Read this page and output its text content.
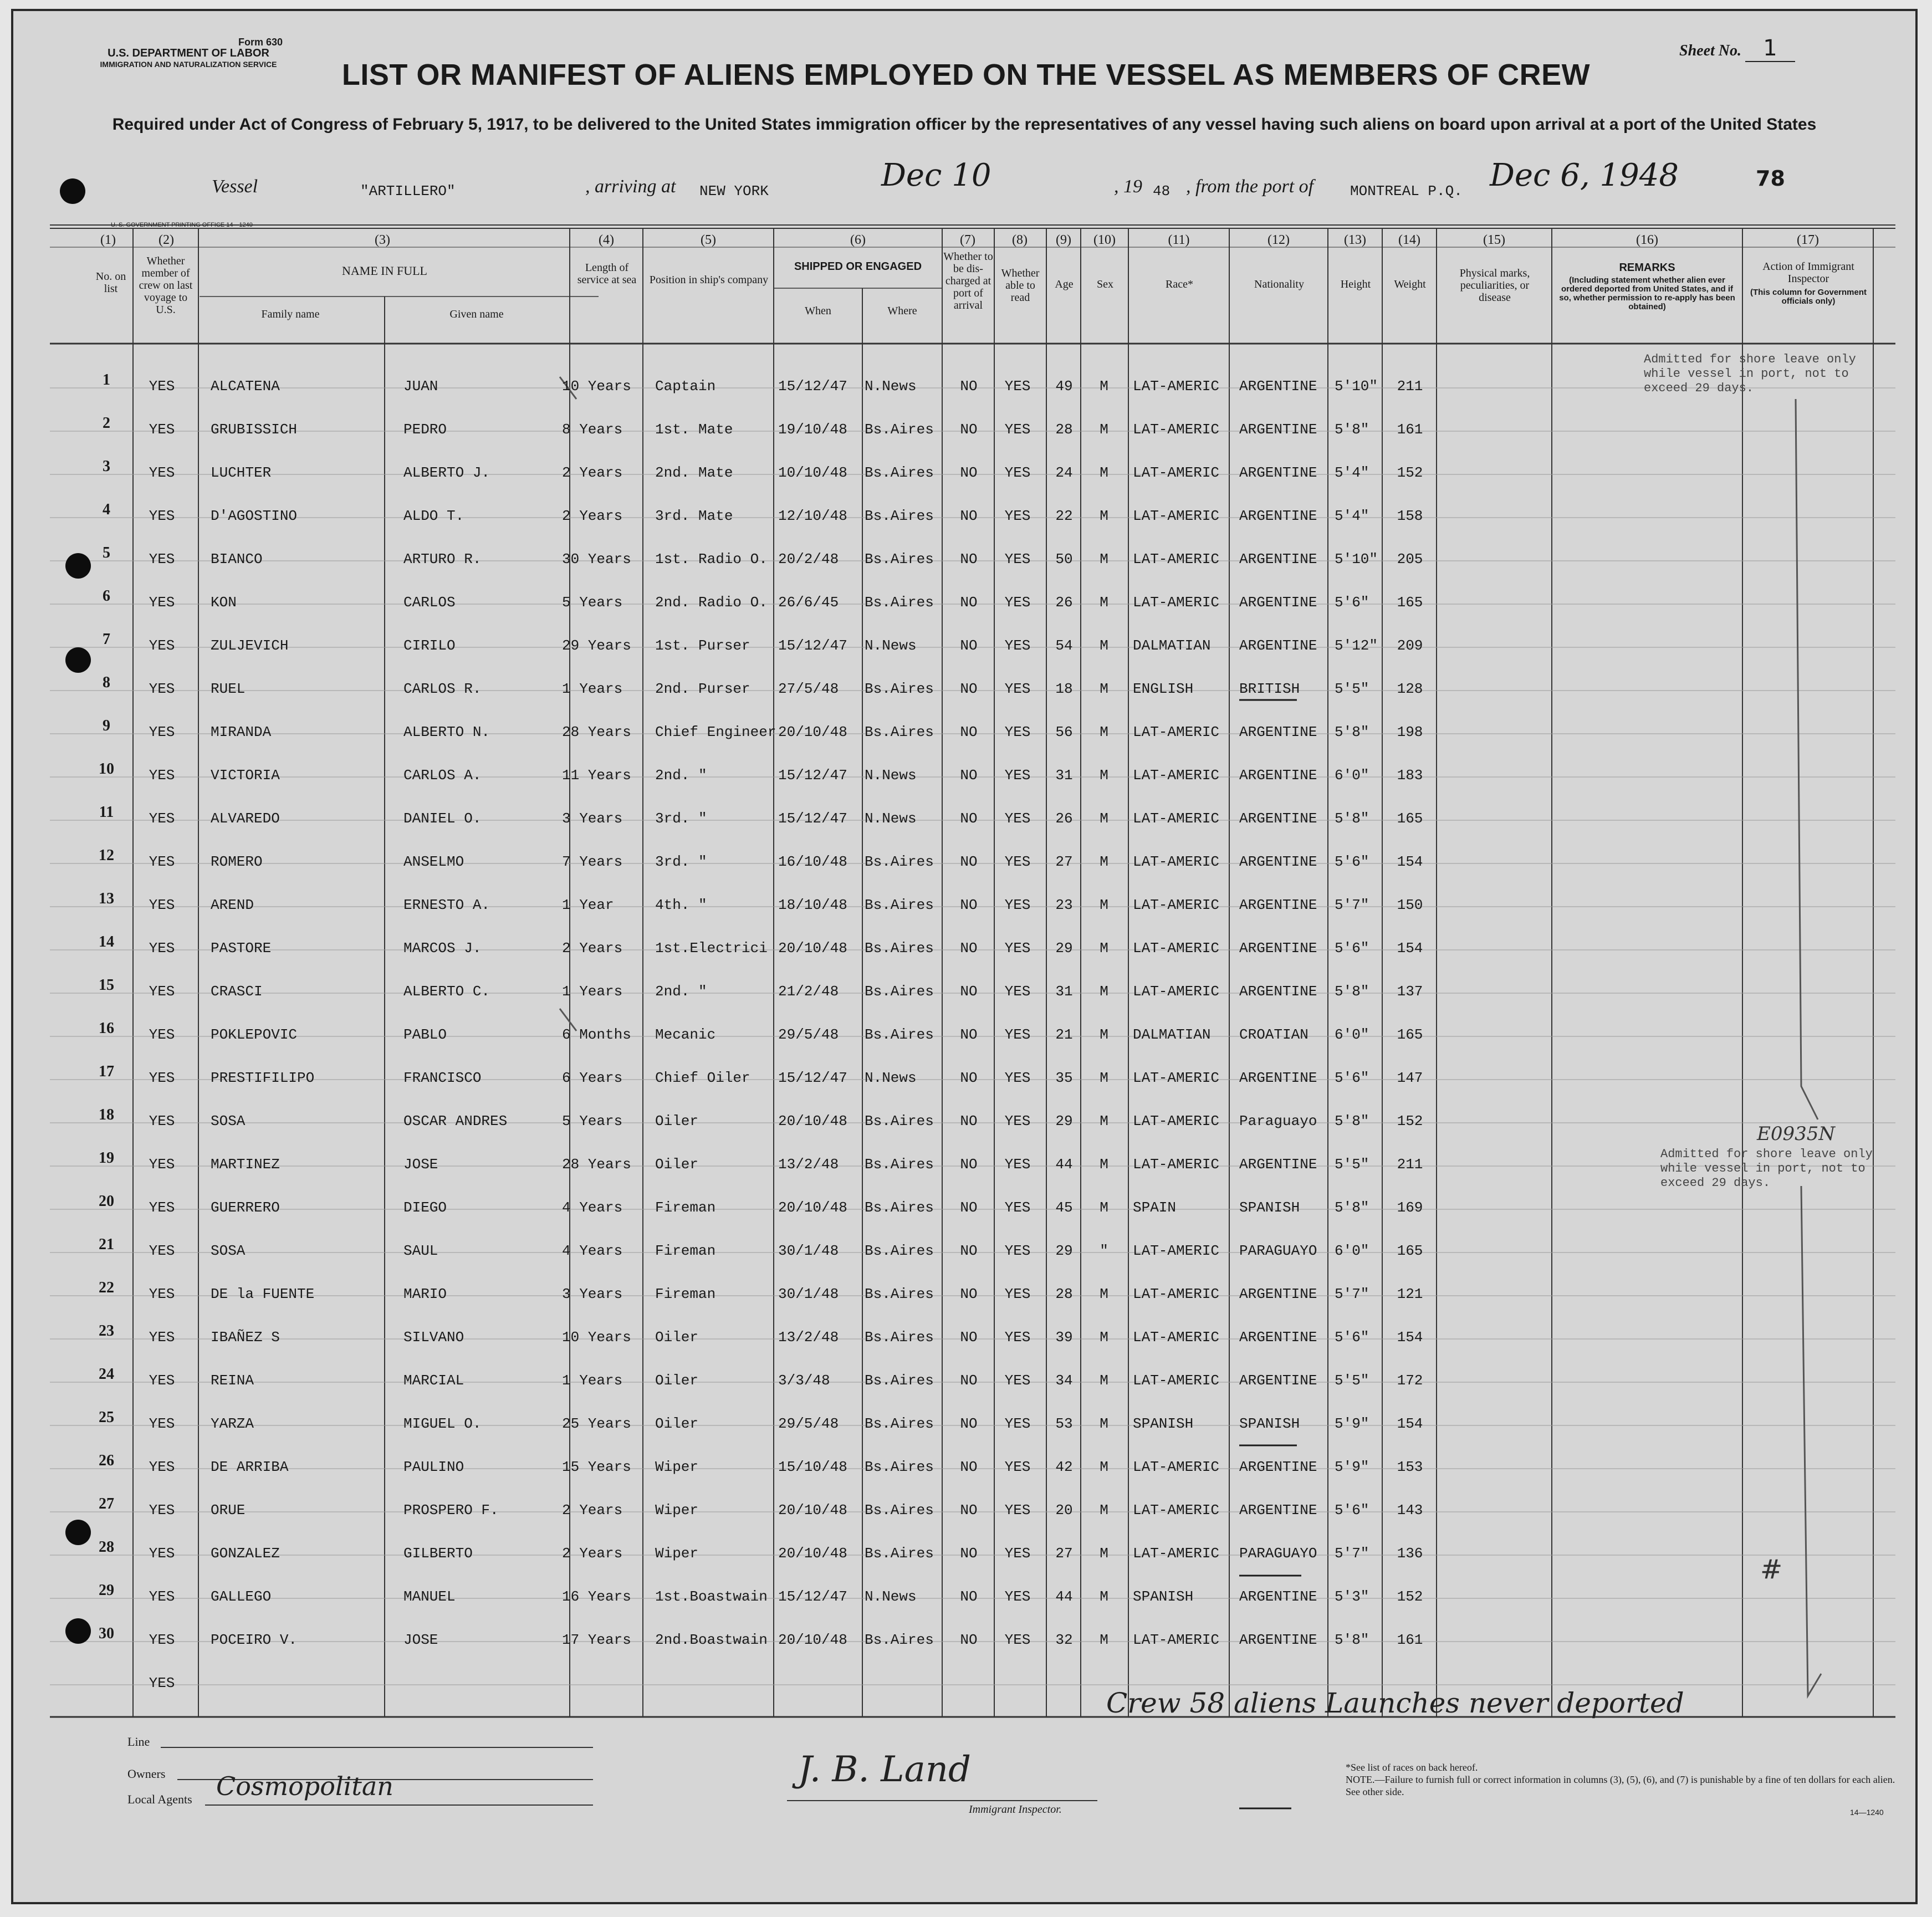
Form 630
U.S. DEPARTMENT OF LABOR
IMMIGRATION AND NATURALIZATION SERVICE
Sheet No. 1
LIST OR MANIFEST OF ALIENS EMPLOYED ON THE VESSEL AS MEMBERS OF CREW
Required under Act of Congress of February 5, 1917, to be delivered to the United States immigration officer by the representatives of any vessel having such aliens on board upon arrival at a port of the United States
Vessel	"ARTILLERO"	, arriving at NEW YORK	Dec 10	, 19 48 , from the port of	MONTREAL P.Q. Dec 6, 1948	78
U. S. GOVERNMENT PRINTING OFFICE 14—1240
(1)	(2)	(3)	(4)	(5)	(6)	(7)	(8)	(9)	(10)	(11)	(12)	(13)	(14)	(15)	(16)	(17)
No. on list
Whether member of crew on last voyage to U.S.
NAME IN FULL
Family name	Given name
Length of service at sea	Position in ship's company
SHIPPED OR ENGAGED
When	Where
Whether to be dis-charged at port of arrival
Whether able to read
Age	Sex	Race*	Nationality	Height	Weight
Physical marks, peculiarities, or disease
REMARKS
(Including statement whether alien ever ordered deported from United States, and if so, whether permission to re-apply has been obtained)
Action of Immigrant Inspector
(This column for Government officials only)
1	YES ALCATENA	JUAN	10 Years Captain	15/12/47 N.News	NO YES 49 M LAT-AMERIC ARGENTINE 5'10" 211
2	YES GRUBISSICH	PEDRO	8 Years 1st. Mate	19/10/48 Bs.Aires NO YES 28 M LAT-AMERIC ARGENTINE 5'8" 161
3	YES LUCHTER	ALBERTO J.	2 Years 2nd. Mate	10/10/48 Bs.Aires NO YES 24 M LAT-AMERIC ARGENTINE 5'4" 152
4	YES D'AGOSTINO	ALDO T.	2 Years 3rd. Mate	12/10/48 Bs.Aires NO YES 22 M LAT-AMERIC ARGENTINE 5'4" 158
5	YES BIANCO	ARTURO R.	30 Years 1st. Radio O. 20/2/48 Bs.Aires NO YES 50 M LAT-AMERIC ARGENTINE 5'10" 205
6	YES KON	CARLOS	5 Years 2nd. Radio O. 26/6/45 Bs.Aires NO YES 26 M LAT-AMERIC ARGENTINE 5'6" 165
7	YES ZULJEVICH	CIRILO	29 Years 1st. Purser 15/12/47 N.News	NO YES 54 M DALMATIAN ARGENTINE 5'12" 209
8	YES RUEL	CARLOS R.	1 Years 2nd. Purser 27/5/48 Bs.Aires NO YES 18 M ENGLISH	BRITISH 5'5" 128
9	YES MIRANDA	ALBERTO N.	28 Years Chief Engineer 20/10/48 Bs.Aires NO YES 56 M LAT-AMERIC ARGENTINE 5'8" 198
10 YES VICTORIA	CARLOS A.	11 Years 2nd. "	15/12/47 N.News	NO YES 31 M LAT-AMERIC ARGENTINE 6'0" 183
11 YES ALVAREDO	DANIEL O.	3 Years 3rd. "	15/12/47 N.News	NO YES 26 M LAT-AMERIC ARGENTINE 5'8" 165
12 YES ROMERO	ANSELMO	7 Years 3rd. "	16/10/48 Bs.Aires NO YES 27 M LAT-AMERIC ARGENTINE 5'6" 154
13 YES AREND	ERNESTO A.	1 Year	4th. "	18/10/48 Bs.Aires NO YES 23 M LAT-AMERIC ARGENTINE 5'7" 150
14 YES PASTORE	MARCOS J.	2 Years 1st.Electrici 20/10/48 Bs.Aires NO YES 29 M LAT-AMERIC ARGENTINE 5'6" 154
15 YES CRASCI	ALBERTO C.	1 Years 2nd. "	21/2/48 Bs.Aires NO YES 31 M LAT-AMERIC ARGENTINE 5'8" 137
16 YES POKLEPOVIC	PABLO	6 Months Mecanic	29/5/48 Bs.Aires NO YES 21 M DALMATIAN CROATIAN 6'0" 165
17 YES PRESTIFILIPO	FRANCISCO	6 Years Chief Oiler 15/12/47 N.News	NO YES 35 M LAT-AMERIC ARGENTINE 5'6" 147
18 YES SOSA	OSCAR ANDRES	5 Years Oiler	20/10/48 Bs.Aires NO YES 29 M LAT-AMERIC Paraguayo 5'8" 152
19 YES MARTINEZ	JOSE	28 Years Oiler	13/2/48 Bs.Aires NO YES 44 M LAT-AMERIC ARGENTINE 5'5" 211
20 YES GUERRERO	DIEGO	4 Years Fireman	20/10/48 Bs.Aires NO YES 45 M SPAIN	SPANISH 5'8" 169
21 YES SOSA	SAUL	4 Years Fireman	30/1/48 Bs.Aires NO YES 29 " LAT-AMERIC PARAGUAYO 6'0" 165
22 YES DE la FUENTE	MARIO	3 Years Fireman	30/1/48 Bs.Aires NO YES 28 M LAT-AMERIC ARGENTINE 5'7" 121
23 YES IBAÑEZ S	SILVANO	10 Years Oiler	13/2/48 Bs.Aires NO YES 39 M LAT-AMERIC ARGENTINE 5'6" 154
24 YES REINA	MARCIAL	1 Years Oiler	3/3/48 Bs.Aires NO YES 34 M LAT-AMERIC ARGENTINE 5'5" 172
25 YES YARZA	MIGUEL O.	25 Years Oiler	29/5/48 Bs.Aires NO YES 53 M SPANISH	SPANISH 5'9" 154
26 YES DE ARRIBA	PAULINO	15 Years Wiper	15/10/48 Bs.Aires NO YES 42 M LAT-AMERIC ARGENTINE 5'9" 153
27 YES ORUE	PROSPERO F.	2 Years Wiper	20/10/48 Bs.Aires NO YES 20 M LAT-AMERIC ARGENTINE 5'6" 143
28 YES GONZALEZ	GILBERTO	2 Years Wiper	20/10/48 Bs.Aires NO YES 27 M LAT-AMERIC PARAGUAYO 5'7" 136
29 YES GALLEGO	MANUEL	16 Years 1st.Boastwain 15/12/47 N.News	NO YES 44 M SPANISH	ARGENTINE 5'3" 152
30 YES POCEIRO V.	JOSE	17 Years 2nd.Boastwain 20/10/48 Bs.Aires NO YES 32 M LAT-AMERIC ARGENTINE 5'8" 161
YES
Admitted for shore leave only while vessel in port, not to exceed 29 days.
E0935N
Admitted for shore leave only while vessel in port, not to exceed 29 days.
#
Crew 58 aliens Launches never deported
Line
Owners
Local Agents Cosmopolitan	J. B. Land
Immigrant Inspector.
*See list of races on back hereof.
NOTE.—Failure to furnish full or correct information in columns (3), (5), (6), and (7) is punishable by a fine of ten dollars for each alien. See other side.
14—1240
